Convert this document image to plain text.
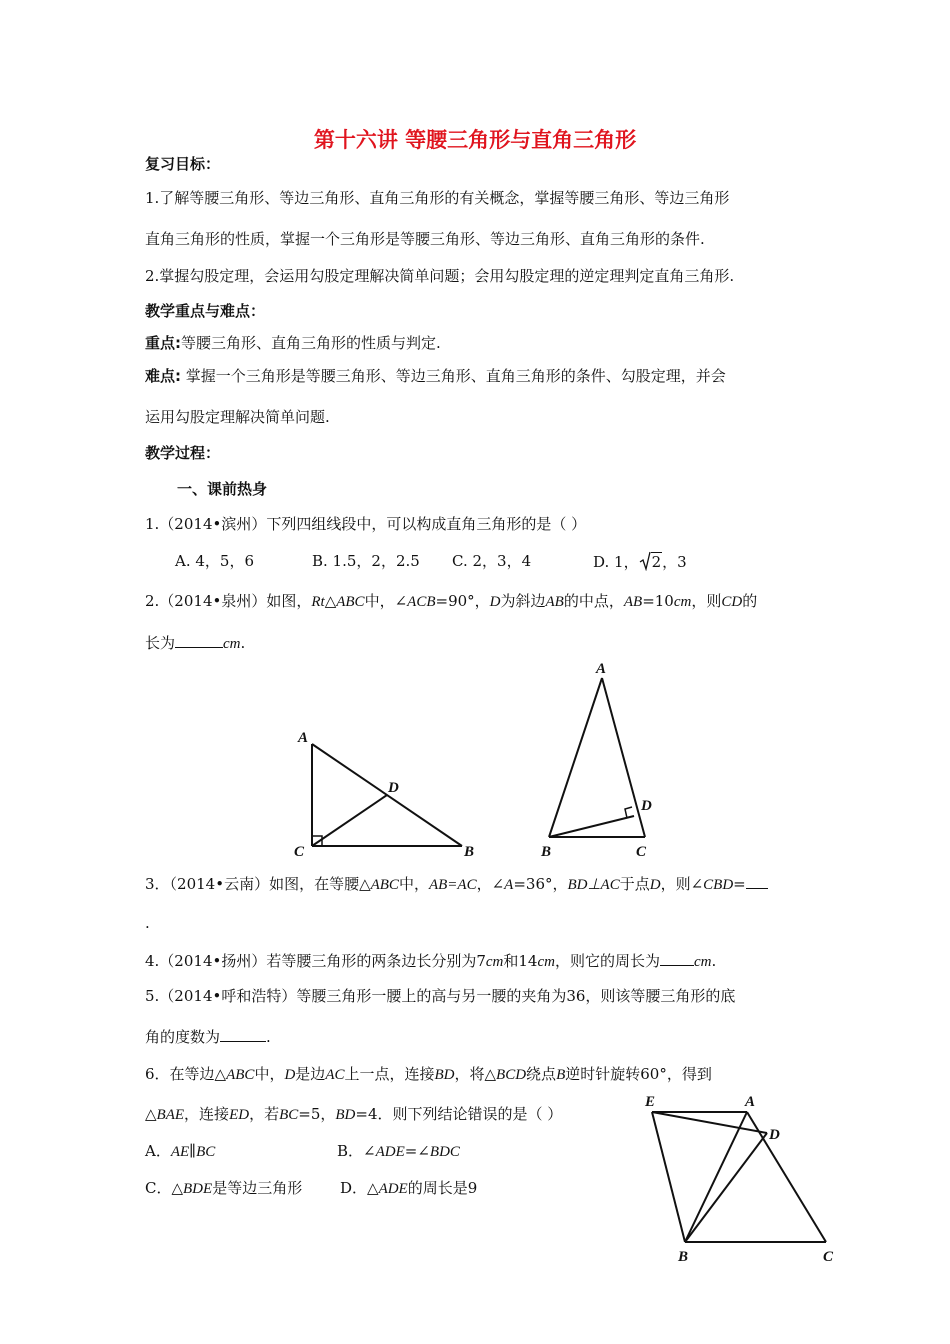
第十六讲 等腰三角形与直角三角形
复习目标：
1.了解等腰三角形、等边三角形、直角三角形的有关概念，掌握等腰三角形、等边三角形
直角三角形的性质，掌握一个三角形是等腰三角形、等边三角形、直角三角形的条件.
2.掌握勾股定理，会运用勾股定理解决简单问题；会用勾股定理的逆定理判定直角三角形.
教学重点与难点：
重点:等腰三角形、直角三角形的性质与判定.
难点: 掌握一个三角形是等腰三角形、等边三角形、直角三角形的条件、勾股定理，并会
运用勾股定理解决简单问题.
教学过程：
一、课前热身
1.（2014•滨州）下列四组线段中，可以构成直角三角形的是（ ）
A. 4，5，6	B. 1.5，2，2.5 C. 2，3，4	D. 1， 2，3
2.（2014•泉州）如图，Rt△ABC中，∠ACB=90°，D为斜边AB的中点，AB=10cm，则CD的
长为	cm.
A
D
C	B
A
D
B	C
3．（2014•云南）如图，在等腰△ABC中，AB=AC，∠A=36°，BD⊥AC于点D，则∠CBD=
.
4.（2014•扬州）若等腰三角形的两条边长分别为7cm和14cm，则它的周长为 cm.
5.（2014•呼和浩特）等腰三角形一腰上的高与另一腰的夹角为36，则该等腰三角形的底
角的度数为	.
6．在等边△ABC中，D是边AC上一点，连接BD，将△BCD绕点B逆时针旋转60°，得到
△BAE，连接ED，若BC=5，BD=4．则下列结论错误的是（ ）
A．AE∥BC	B．∠ADE=∠BDC
C．△BDE是等边三角形	D．△ADE的周长是9
E	A
D
B	C
